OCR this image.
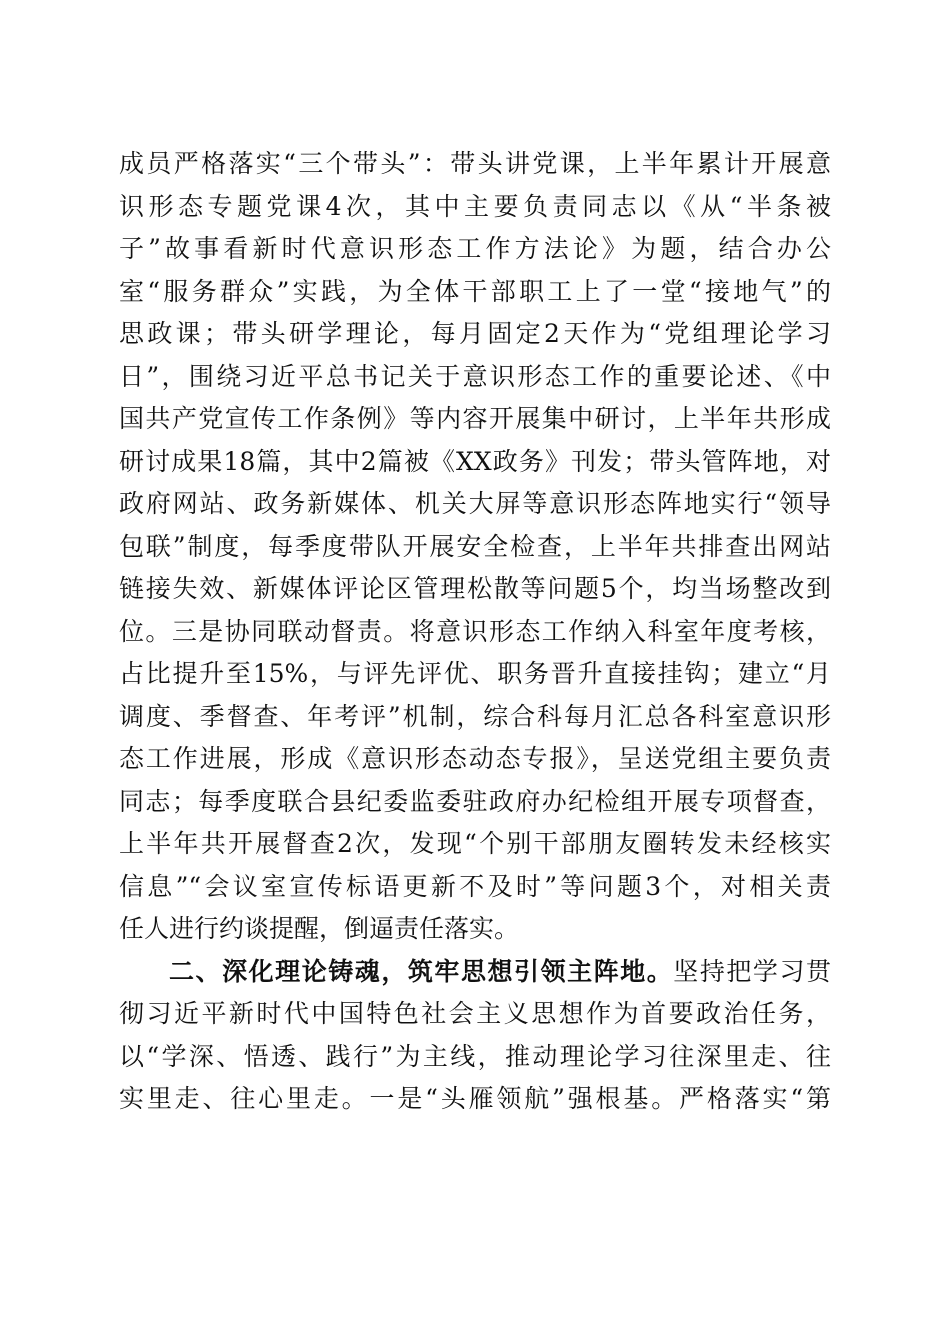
成员严格落实“三个带头”：带头讲党课，上半年累计开展意
识形态专题党课4次，其中主要负责同志以《从“半条被
子”故事看新时代意识形态工作方法论》为题，结合办公
室“服务群众”实践，为全体干部职工上了一堂“接地气”的
思政课；带头研学理论，每月固定2天作为“党组理论学习
日”，围绕习近平总书记关于意识形态工作的重要论述、《中
国共产党宣传工作条例》等内容开展集中研讨，上半年共形成
研讨成果18篇，其中2篇被《XX政务》刊发；带头管阵地，对
政府网站、政务新媒体、机关大屏等意识形态阵地实行“领导
包联”制度，每季度带队开展安全检查，上半年共排查出网站
链接失效、新媒体评论区管理松散等问题5个，均当场整改到
位。三是协同联动督责。将意识形态工作纳入科室年度考核，
占比提升至15%，与评先评优、职务晋升直接挂钩；建立“月
调度、季督查、年考评”机制，综合科每月汇总各科室意识形
态工作进展，形成《意识形态动态专报》，呈送党组主要负责
同志；每季度联合县纪委监委驻政府办纪检组开展专项督查，
上半年共开展督查2次，发现“个别干部朋友圈转发未经核实
信息”“会议室宣传标语更新不及时”等问题3个，对相关责
任人进行约谈提醒，倒逼责任落实。
二、深化理论铸魂，筑牢思想引领主阵地。坚持把学习贯
彻习近平新时代中国特色社会主义思想作为首要政治任务，
以“学深、悟透、践行”为主线，推动理论学习往深里走、往
实里走、往心里走。一是“头雁领航”强根基。严格落实“第
